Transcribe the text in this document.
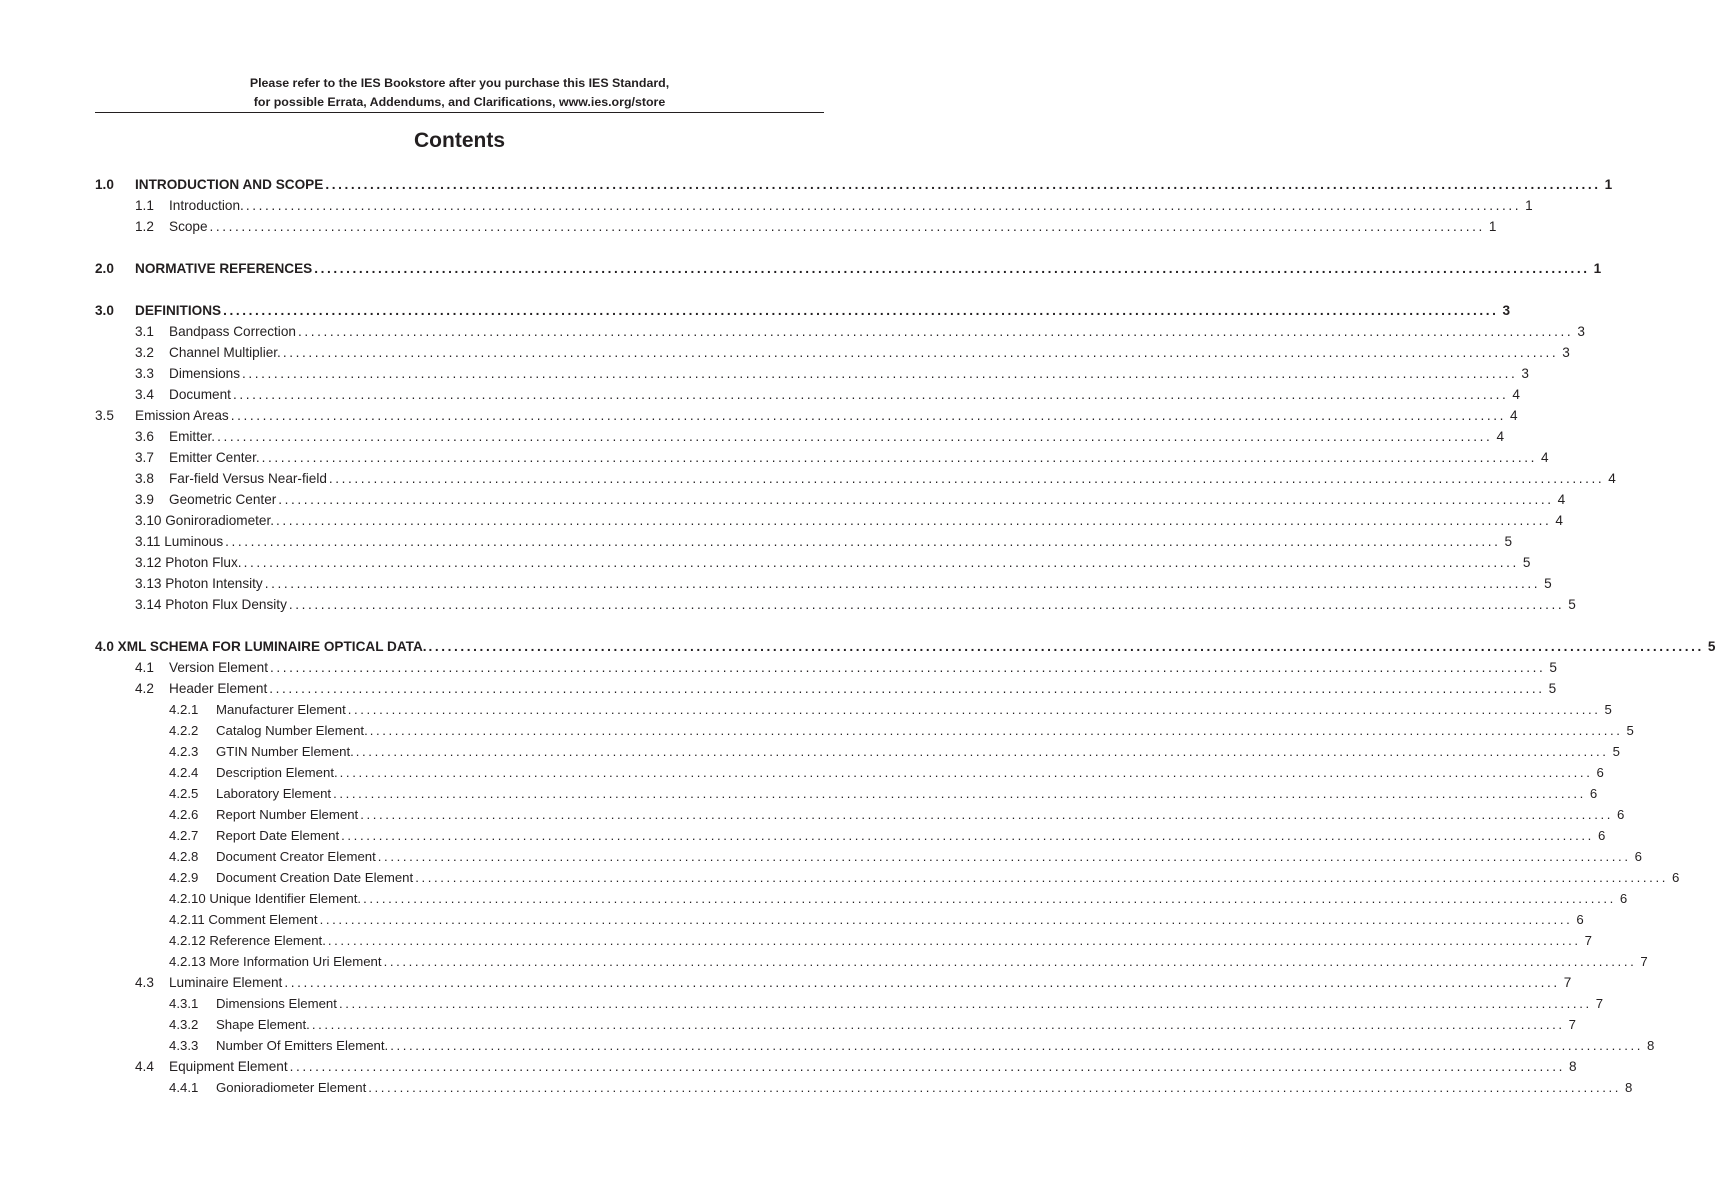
Please refer to the IES Bookstore after you purchase this IES Standard,
for possible Errata, Addendums, and Clarifications, www.ies.org/store
Contents
1.0 INTRODUCTION AND SCOPE ........................................................................................................................................................................................................ 1
1.1 Introduction. ........................................................................................................................................................................................................ 1
1.2 Scope ........................................................................................................................................................................................................ 1
2.0 NORMATIVE REFERENCES ........................................................................................................................................................................................................ 1
3.0 DEFINITIONS ........................................................................................................................................................................................................ 3
3.1 Bandpass Correction ........................................................................................................................................................................................................ 3
3.2 Channel Multiplier. ........................................................................................................................................................................................................ 3
3.3 Dimensions ........................................................................................................................................................................................................ 3
3.4 Document ........................................................................................................................................................................................................ 4
3.5 Emission Areas ........................................................................................................................................................................................................ 4
3.6 Emitter. ........................................................................................................................................................................................................ 4
3.7 Emitter Center. ........................................................................................................................................................................................................ 4
3.8 Far-field Versus Near-field ........................................................................................................................................................................................................ 4
3.9 Geometric Center ........................................................................................................................................................................................................ 4
3.10 Goniroradiometer. ........................................................................................................................................................................................................ 4
3.11 Luminous ........................................................................................................................................................................................................ 5
3.12 Photon Flux. ........................................................................................................................................................................................................ 5
3.13 Photon Intensity ........................................................................................................................................................................................................ 5
3.14 Photon Flux Density ........................................................................................................................................................................................................ 5
4.0 XML SCHEMA FOR LUMINAIRE OPTICAL DATA. ........................................................................................................................................................................................................ 5
4.1 Version Element ........................................................................................................................................................................................................ 5
4.2 Header Element ........................................................................................................................................................................................................ 5
4.2.1 Manufacturer Element ........................................................................................................................................................................................................ 5
4.2.2 Catalog Number Element. ........................................................................................................................................................................................................ 5
4.2.3 GTIN Number Element. ........................................................................................................................................................................................................ 5
4.2.4 Description Element. ........................................................................................................................................................................................................ 6
4.2.5 Laboratory Element ........................................................................................................................................................................................................ 6
4.2.6 Report Number Element ........................................................................................................................................................................................................ 6
4.2.7 Report Date Element ........................................................................................................................................................................................................ 6
4.2.8 Document Creator Element ........................................................................................................................................................................................................ 6
4.2.9 Document Creation Date Element ........................................................................................................................................................................................................ 6
4.2.10 Unique Identifier Element. ........................................................................................................................................................................................................ 6
4.2.11 Comment Element ........................................................................................................................................................................................................ 6
4.2.12 Reference Element. ........................................................................................................................................................................................................ 7
4.2.13 More Information Uri Element ........................................................................................................................................................................................................ 7
4.3 Luminaire Element ........................................................................................................................................................................................................ 7
4.3.1 Dimensions Element ........................................................................................................................................................................................................ 7
4.3.2 Shape Element. ........................................................................................................................................................................................................ 7
4.3.3 Number Of Emitters Element. ........................................................................................................................................................................................................ 8
4.4 Equipment Element ........................................................................................................................................................................................................ 8
4.4.1 Gonioradiometer Element ........................................................................................................................................................................................................ 8
